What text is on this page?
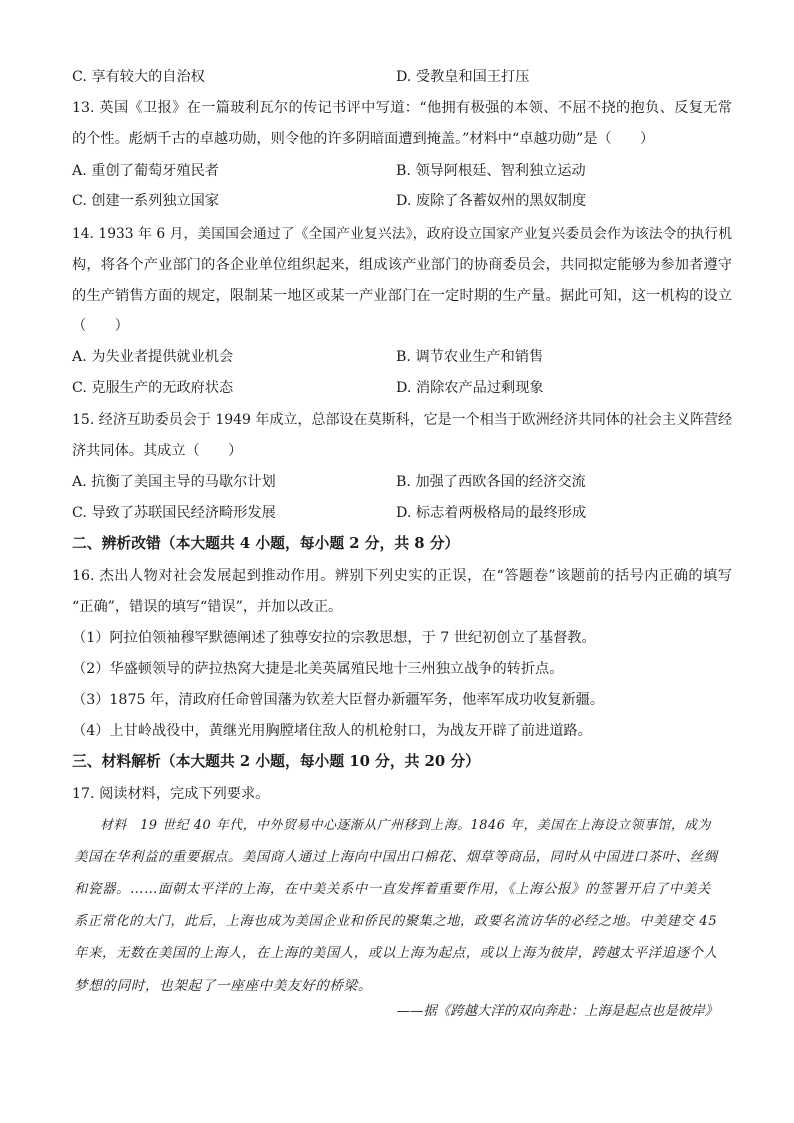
C. 享有较大的自治权	D. 受教皇和国王打压
13. 英国《卫报》在一篇玻利瓦尔的传记书评中写道：“他拥有极强的本领、不屈不挠的抱负、反复无常
的个性。彪炳千古的卓越功勋，则令他的许多阴暗面遭到掩盖。”材料中“卓越功勋”是（　　）
A. 重创了葡萄牙殖民者	B. 领导阿根廷、智利独立运动
C. 创建一系列独立国家	D. 废除了各蓄奴州的黑奴制度
14. 1933 年 6 月，美国国会通过了《全国产业复兴法》，政府设立国家产业复兴委员会作为该法令的执行机
构，将各个产业部门的各企业单位组织起来，组成该产业部门的协商委员会，共同拟定能够为参加者遵守
的生产销售方面的规定，限制某一地区或某一产业部门在一定时期的生产量。据此可知，这一机构的设立
（　　）
A. 为失业者提供就业机会	B. 调节农业生产和销售
C. 克服生产的无政府状态	D. 消除农产品过剩现象
15. 经济互助委员会于 1949 年成立，总部设在莫斯科，它是一个相当于欧洲经济共同体的社会主义阵营经
济共同体。其成立（　　）
A. 抗衡了美国主导的马歇尔计划	B. 加强了西欧各国的经济交流
C. 导致了苏联国民经济畸形发展	D. 标志着两极格局的最终形成
二、辨析改错（本大题共 4 小题，每小题 2 分，共 8 分）
16. 杰出人物对社会发展起到推动作用。辨别下列史实的正误，在“答题卷”该题前的括号内正确的填写
“正确”，错误的填写“错误”，并加以改正。
（1）阿拉伯领袖穆罕默德阐述了独尊安拉的宗教思想，于 7 世纪初创立了基督教。
（2）华盛顿领导的萨拉热窝大捷是北美英属殖民地十三州独立战争的转折点。
（3）1875 年，清政府任命曾国藩为钦差大臣督办新疆军务，他率军成功收复新疆。
（4）上甘岭战役中，黄继光用胸膛堵住敌人的机枪射口，为战友开辟了前进道路。
三、材料解析（本大题共 2 小题，每小题 10 分，共 20 分）
17. 阅读材料，完成下列要求。
材料　19 世纪 40 年代，中外贸易中心逐渐从广州移到上海。1846 年，美国在上海设立领事馆，成为
美国在华利益的重要据点。美国商人通过上海向中国出口棉花、烟草等商品，同时从中国进口茶叶、丝绸
和瓷器。……面朝太平洋的上海，在中美关系中一直发挥着重要作用，《上海公报》的签署开启了中美关
系正常化的大门，此后，上海也成为美国企业和侨民的聚集之地，政要名流访华的必经之地。中美建交 45
年来，无数在美国的上海人，在上海的美国人，或以上海为起点，或以上海为彼岸，跨越太平洋追逐个人
梦想的同时，也架起了一座座中美友好的桥梁。
——据《跨越大洋的双向奔赴：上海是起点也是彼岸》
